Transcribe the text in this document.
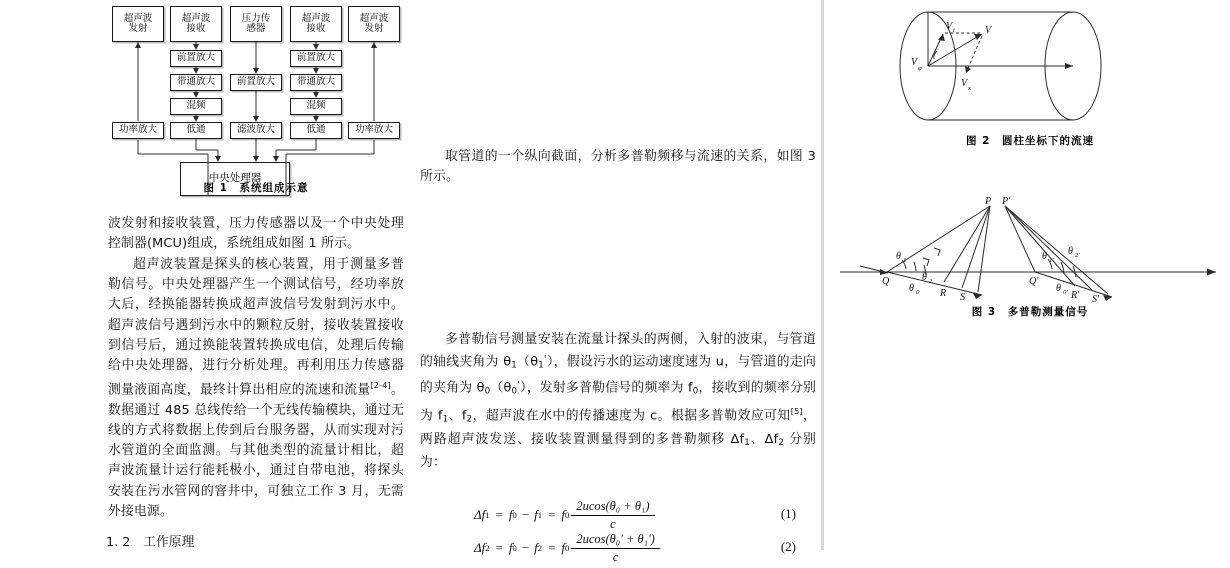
超声波
发射
超声波
接收
压力传
感器
超声波
接收
超声波
发射
前置放大
带通放大
混频
低通
功率放大
前置放大
滤波放大
前置放大
带通放大
混频
低通	功率放大
中央处理器
图 1　系统组成示意

波发射和接收装置，压力传感器以及一个中央处理控制器(MCU)组成，系统组成如图 1 所示。

超声波装置是探头的核心装置，用于测量多普勒信号。中央处理器产生一个测试信号，经功率放大后，经换能器转换成超声波信号发射到污水中。超声波信号遇到污水中的颗粒反射，接收装置接收到信号后，通过换能装置转换成电信，处理后传输给中央处理器，进行分析处理。再利用压力传感器测量液面高度，最终计算出相应的流速和流量[2-4]。数据通过 485 总线传给一个无线传输模块，通过无线的方式将数据上传到后台服务器，从而实现对污水管道的全面监测。与其他类型的流量计相比，超声波流量计运行能耗极小，通过自带电池，将探头安装在污水管网的窨井中，可独立工作 3 月，无需外接电源。

1. 2　工作原理
V t	V
V
φ
V x
图 2　圆柱坐标下的流速

取管道的一个纵向截面，分析多普勒频移与流速的关系，如图 3 所示。

P
Q
R S
θ 1
θ 2
θ 0
P'
Q'
R' S'
θ 1'
θ 2'
θ 0'
图 3　多普勒测量信号

多普勒信号测量安装在流量计探头的两侧，入射的波束，与管道的轴线夹角为 $\theta_1(\theta_1')$，假设污水的运动速度速为 u，与管道的走向的夹角为 $\theta_0(\theta_0')$，发射多普勒信号的频率为 $f_0$，接收到的频率分别为 $f_1$、$f_2$，超声波在水中的传播速度为 c。根据多普勒效应可知[5]，两路超声波发送、接收装置测量得到的多普勒频移 $\Delta f_1$、$\Delta f_2$ 分别为：

Δf 1 = f 0 − f 1 = f $0 \frac{\text{2ucos(θ₀ + θ₁)}}{c}$	(1)
Δf 2 = f 0 − f 2 = f $0 \frac{\text{2ucos(θ₀' + θ₁')}}{c}$	(2)
